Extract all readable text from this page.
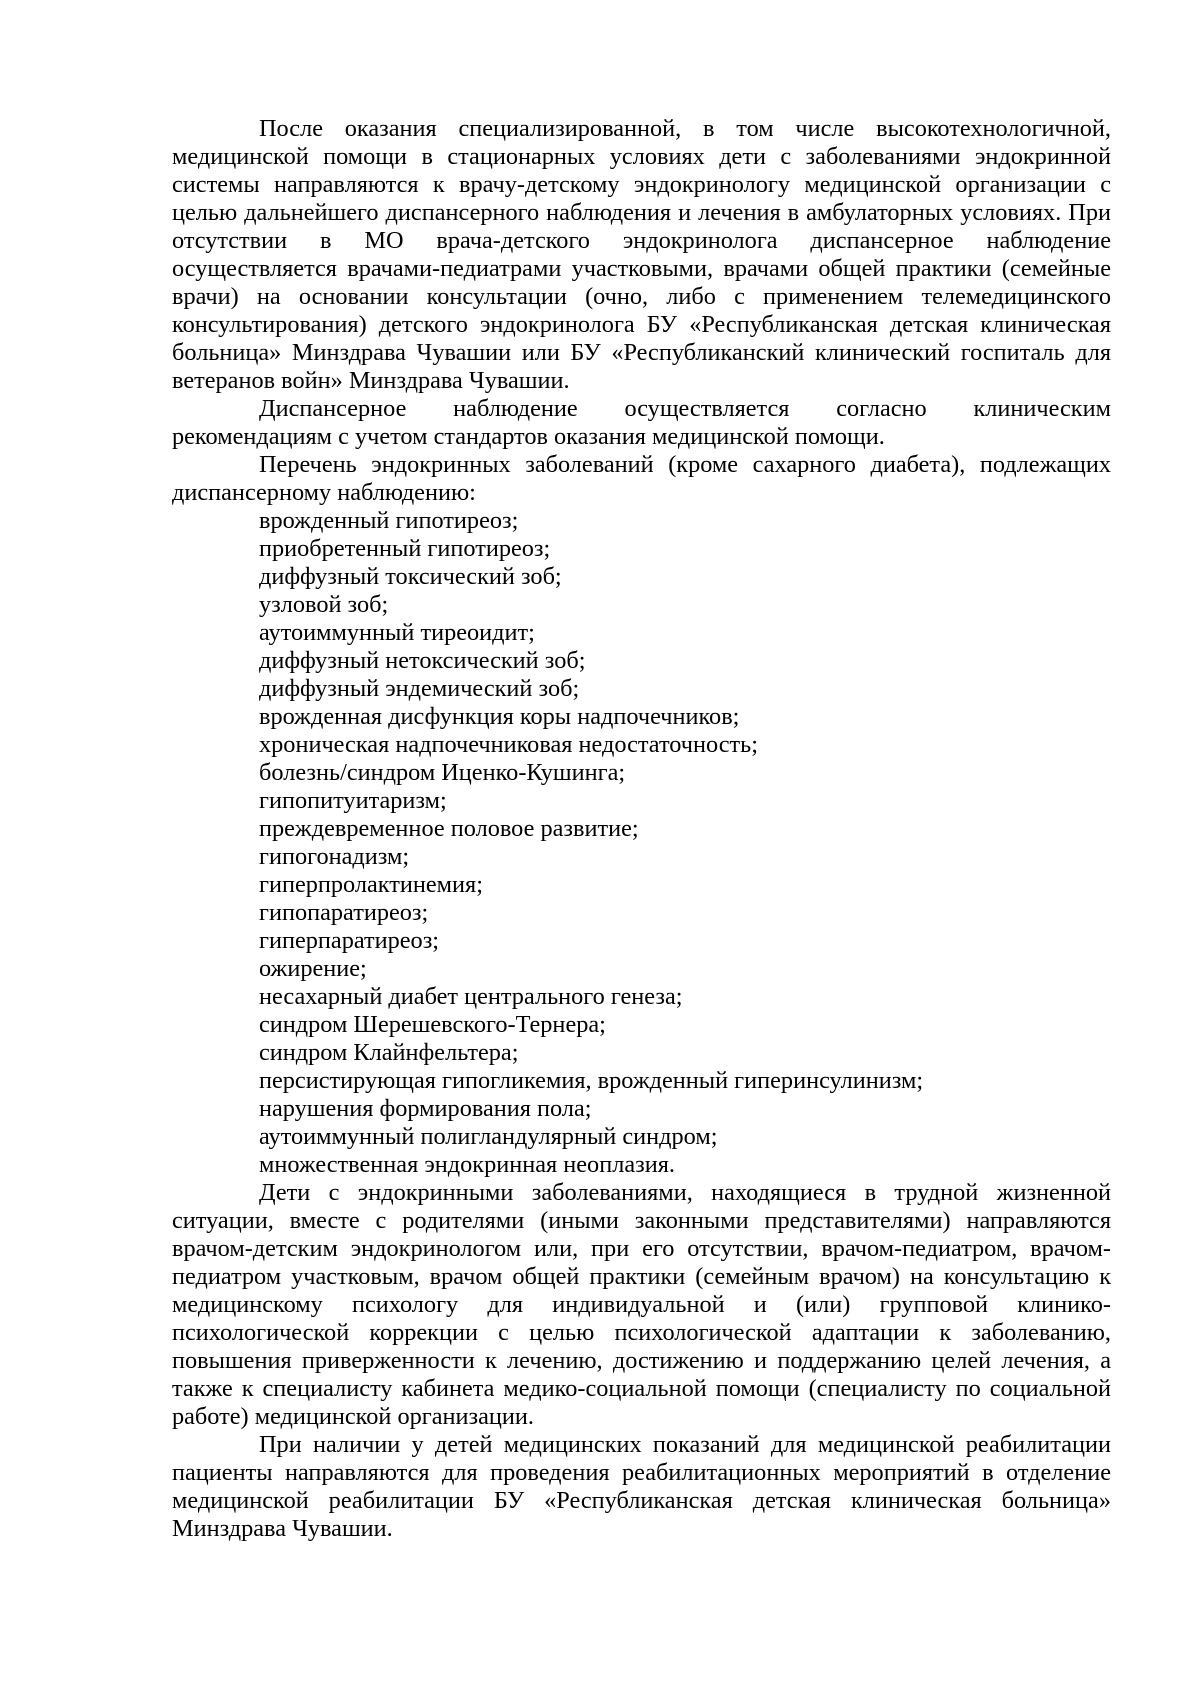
После оказания специализированной, в том числе высокотехнологичной, медицинской помощи в стационарных условиях дети с заболеваниями эндокринной системы направляются к врачу-детскому эндокринологу медицинской организации с целью дальнейшего диспансерного наблюдения и лечения в амбулаторных условиях. При отсутствии в МО врача-детского эндокринолога диспансерное наблюдение осуществляется врачами-педиатрами участковыми, врачами общей практики (семейные врачи) на основании консультации (очно, либо с применением телемедицинского консультирования) детского эндокринолога БУ «Республиканская детская клиническая больница» Минздрава Чувашии или БУ «Республиканский клинический госпиталь для ветеранов войн» Минздрава Чувашии.

Диспансерное наблюдение осуществляется согласно клиническим рекомендациям с учетом стандартов оказания медицинской помощи.

Перечень эндокринных заболеваний (кроме сахарного диабета), подлежащих диспансерному наблюдению:

врожденный гипотиреоз;
приобретенный гипотиреоз;
диффузный токсический зоб;
узловой зоб;
аутоиммунный тиреоидит;
диффузный нетоксический зоб;
диффузный эндемический зоб;
врожденная дисфункция коры надпочечников;
хроническая надпочечниковая недостаточность;
болезнь/синдром Иценко-Кушинга;
гипопитуитаризм;
преждевременное половое развитие;
гипогонадизм;
гиперпролактинемия;
гипопаратиреоз;
гиперпаратиреоз;
ожирение;
несахарный диабет центрального генеза;
синдром Шерешевского-Тернера;
синдром Клайнфельтера;
персистирующая гипогликемия, врожденный гиперинсулинизм;
нарушения формирования пола;
аутоиммунный полигландулярный синдром;
множественная эндокринная неоплазия.

Дети с эндокринными заболеваниями, находящиеся в трудной жизненной ситуации, вместе с родителями (иными законными представителями) направляются врачом-детским эндокринологом или, при его отсутствии, врачом-педиатром, врачом-педиатром участковым, врачом общей практики (семейным врачом) на консультацию к медицинскому психологу для индивидуальной и (или) групповой клинико-психологической коррекции с целью психологической адаптации к заболеванию, повышения приверженности к лечению, достижению и поддержанию целей лечения, а также к специалисту кабинета медико-социальной помощи (специалисту по социальной работе) медицинской организации.

При наличии у детей медицинских показаний для медицинской реабилитации пациенты направляются для проведения реабилитационных мероприятий в отделение медицинской реабилитации БУ «Республиканская детская клиническая больница» Минздрава Чувашии.
